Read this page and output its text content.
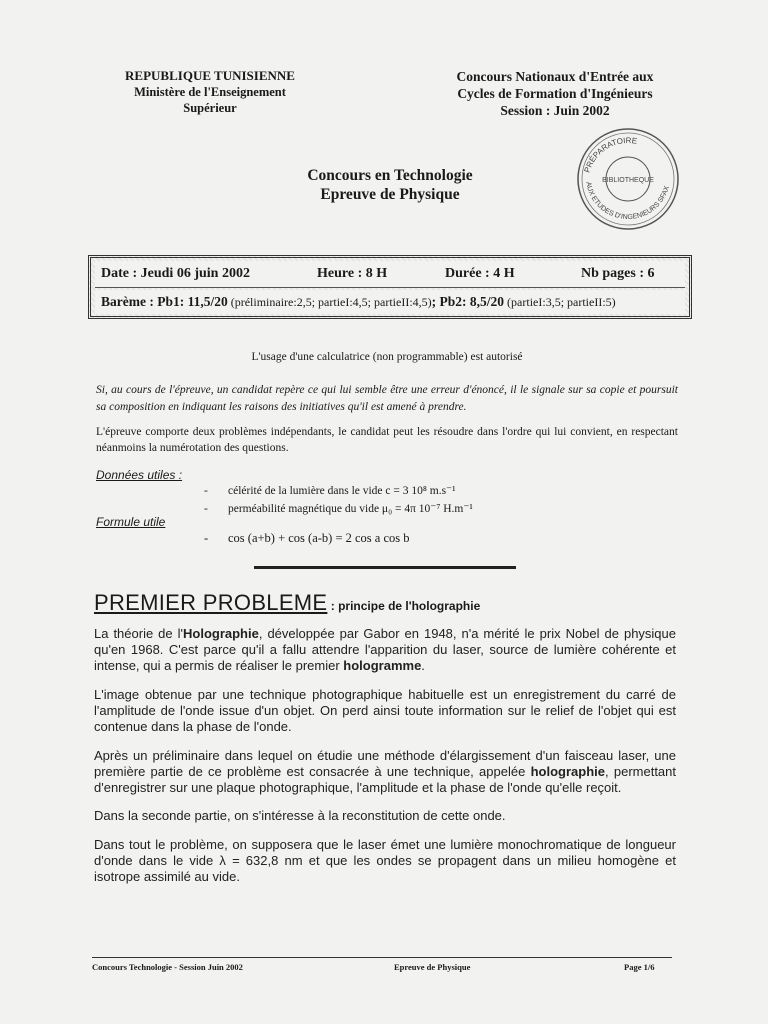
REPUBLIQUE TUNISIENNE
Ministère de l'Enseignement
Supérieur
Concours Nationaux d'Entrée aux
Cycles de Formation d'Ingénieurs
Session : Juin 2002
PRÉPARATOIRE
BIBLIOTHEQUE
AUX ETUDES D'INGENIEURS SFAX
Concours en Technologie
Epreuve de Physique
Date : Jeudi 06 juin 2002	Heure : 8 H	Durée : 4 H	Nb pages : 6
Barème : Pb1: 11,5/20 (préliminaire:2,5; partieI:4,5; partieII:4,5); Pb2: 8,5/20 (partieI:3,5; partieII:5)
L'usage d'une calculatrice (non programmable) est autorisé
Si, au cours de l'épreuve, un candidat repère ce qui lui semble être une erreur d'énoncé, il le signale sur sa copie et poursuit sa composition en indiquant les raisons des initiatives qu'il est amené à prendre.
L'épreuve comporte deux problèmes indépendants, le candidat peut les résoudre dans l'ordre qui lui convient, en respectant néanmoins la numérotation des questions.
Données utiles :
- célérité de la lumière dans le vide c = 3 10⁸ m.s⁻¹
- perméabilité magnétique du vide μ₀ = 4π 10⁻⁷ H.m⁻¹
Formule utile
- cos (a+b) + cos (a-b) = 2 cos a cos b
PREMIER PROBLEME : principe de l'holographie
La théorie de l'Holographie, développée par Gabor en 1948, n'a mérité le prix Nobel de physique qu'en 1968. C'est parce qu'il a fallu attendre l'apparition du laser, source de lumière cohérente et intense, qui a permis de réaliser le premier hologramme.
L'image obtenue par une technique photographique habituelle est un enregistrement du carré de l'amplitude de l'onde issue d'un objet. On perd ainsi toute information sur le relief de l'objet qui est contenue dans la phase de l'onde.
Après un préliminaire dans lequel on étudie une méthode d'élargissement d'un faisceau laser, une première partie de ce problème est consacrée à une technique, appelée holographie, permettant d'enregistrer sur une plaque photographique, l'amplitude et la phase de l'onde qu'elle reçoit.
Dans la seconde partie, on s'intéresse à la reconstitution de cette onde.
Dans tout le problème, on supposera que le laser émet une lumière monochromatique de longueur d'onde dans le vide λ = 632,8 nm et que les ondes se propagent dans un milieu homogène et isotrope assimilé au vide.
Concours Technologie - Session Juin 2002	Epreuve de Physique	Page 1/6
